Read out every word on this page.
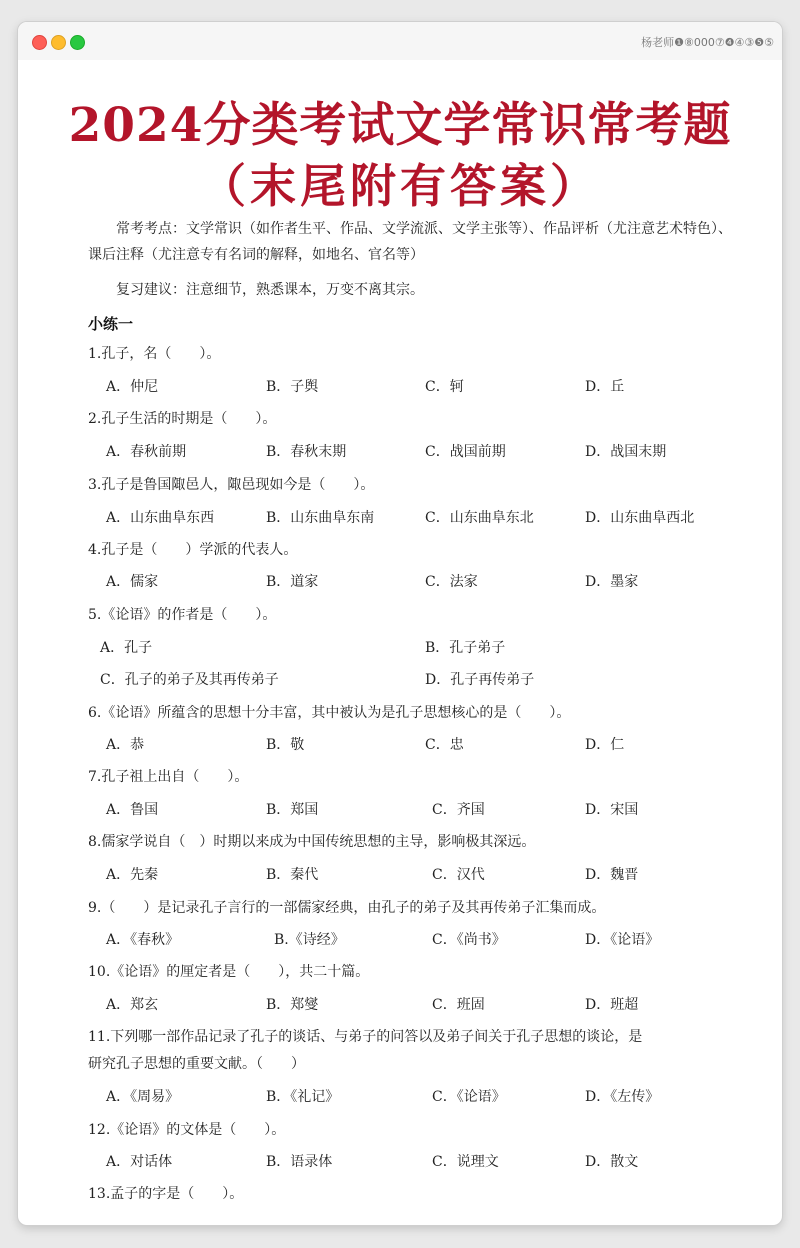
杨老师❶⑧000⑦❹④③❺⑤
2024分类考试文学常识常考题
（末尾附有答案）
常考考点：文学常识（如作者生平、作品、文学流派、文学主张等）、作品评析（尤注意艺术特色）、课后注释（尤注意专有名词的解释，如地名、官名等）
复习建议：注意细节，熟悉课本，万变不离其宗。
小练一
1.孔子，名（　　）。
A．仲尼	B．子舆	C．轲	D．丘
2.孔子生活的时期是（　　）。
A．春秋前期	B．春秋末期	C．战国前期	D．战国末期
3.孔子是鲁国陬邑人，陬邑现如今是（　　）。
A．山东曲阜东西	B．山东曲阜东南	C．山东曲阜东北	D．山东曲阜西北
4.孔子是（　　）学派的代表人。
A．儒家	B．道家	C．法家	D．墨家
5.《论语》的作者是（　　）。
A．孔子	B．孔子弟子
C．孔子的弟子及其再传弟子	D．孔子再传弟子
6.《论语》所蕴含的思想十分丰富，其中被认为是孔子思想核心的是（　　）。
A．恭	B．敬	C．忠	D．仁
7.孔子祖上出自（　　）。
A．鲁国	B．郑国	C．齐国	D．宋国
8.儒家学说自（　）时期以来成为中国传统思想的主导，影响极其深远。
A．先秦	B．秦代	C．汉代	D．魏晋
9.（　　）是记录孔子言行的一部儒家经典，由孔子的弟子及其再传弟子汇集而成。
A．《春秋》	B.《诗经》	C．《尚书》	D．《论语》
10.《论语》的厘定者是（　　），共二十篇。
A．郑玄	B．郑燮	C．班固	D．班超
11.下列哪一部作品记录了孔子的谈话、与弟子的问答以及弟子间关于孔子思想的谈论，是
研究孔子思想的重要文献。（　　）
A．《周易》	B．《礼记》	C．《论语》	D．《左传》
12.《论语》的文体是（　　）。
A．对话体	B．语录体	C．说理文	D．散文
13.孟子的字是（　　）。
